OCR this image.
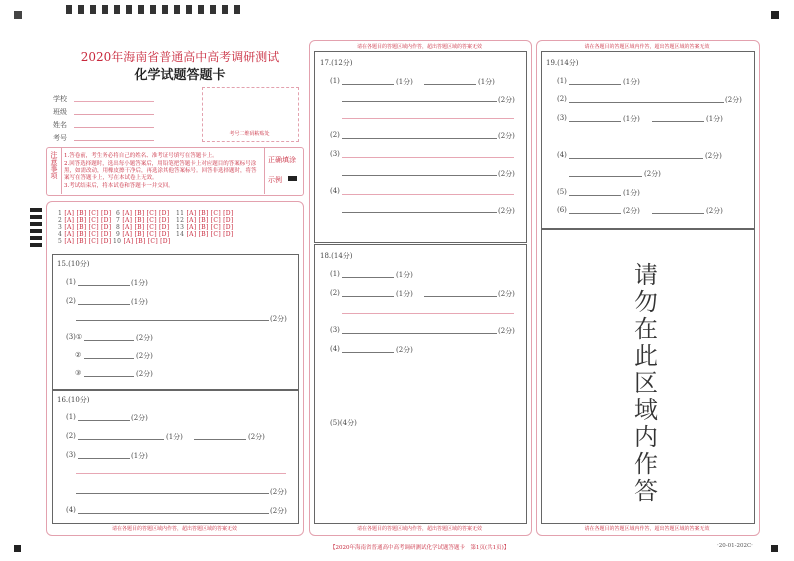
2020年海南省普通高中高考调研测试
化学试题答题卡
学校
班级
姓名
考号	考号二维码粘贴处
注意事项 1.答卷前，考生务必将自己的姓名、准考证号填写在答题卡上。
2.回答选择题时，选出每小题答案后，用铅笔把答题卡上对应题目的答案标号涂
黑，如需改动，用橡皮擦干净后，再选涂其他答案标号。回答非选择题时，将答
案写在答题卡上，写在本试卷上无效。
3.考试结束后，将本试卷和答题卡一并交回。
正确填涂
示例
1 [A] [B] [C] [D]
2 [A] [B] [C] [D]
3 [A] [B] [C] [D]
4 [A] [B] [C] [D]
5 [A] [B] [C] [D]
6 [A] [B] [C] [D]
7 [A] [B] [C] [D]
8 [A] [B] [C] [D]
9 [A] [B] [C] [D]
10 [A] [B] [C] [D]
11 [A] [B] [C] [D]
12 [A] [B] [C] [D]
13 [A] [B] [C] [D]
14 [A] [B] [C] [D]
15.(10分)
(1)	(1分)
(2)	(1分)
(2分)
(3)①	(2分)
②	(2分)
③	(2分)
16.(10分)
(1)	(2分)
(2)	(1分)	(2分)
(3)	(1分)
(2分)
(4)	(2分)
请在各题目的答题区域内作答，超出答题区域的答案无效
请在各题目的答题区域内作答，超出答题区域的答案无效
17.(12分)
(1)	(1分)	(1分)
(2分)
(2)	(2分)
(3)
(2分)
(4)
(2分)
18.(14分)
(1)	(1分)
(2)	(1分)	(2分)
(3)	(2分)
(4)	(2分)
(5)(4分)
请在各题目的答题区域内作答，超出答题区域的答案无效
请在各题目的答题区域内作答，超出答题区域的答案无效
19.(14分)
(1)	(1分)
(2)	(2分)
(3)	(1分)	(1分)
(4)	(2分)
(2分)
(5)	(1分)
(6)	(2分)	(2分)
请勿在此区域内作答
请在各题目的答题区域内作答，超出答题区域的答案无效
【2020年海南省普通高中高考调研测试化学试题答题卡　第1页(共1页)】	·20-01-202C·
